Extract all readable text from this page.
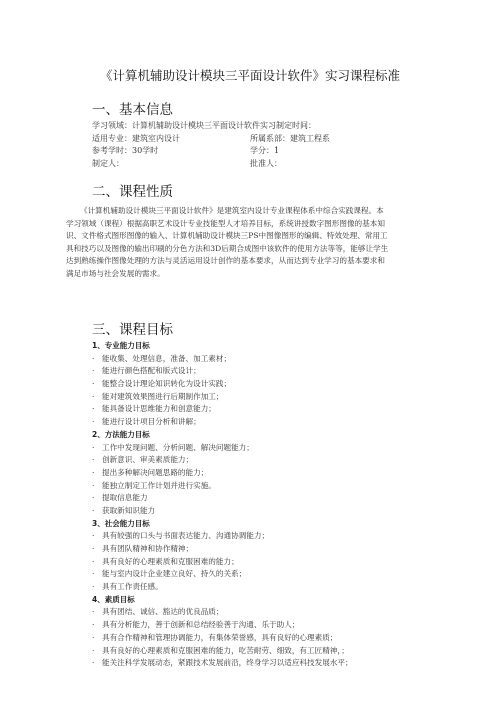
《计算机辅助设计模块三平面设计软件》实习课程标准
一、基本信息
学习领域：计算机辅助设计模块三平面设计软件实习制定时间：
适用专业：建筑室内设计	所属系部：建筑工程系
参考学时：30学时	学分：1
制定人：	批准人：
二、课程性质
《计算机辅助设计模块三平面设计软件》是建筑室内设计专业课程体系中综合实践课程。本
学习领域（课程）根据高职艺术设计专业技能型人才培养目标，系统讲授数字图形图像的基本知
识、文件格式图形图像的输入、计算机辅助设计模块三PS中图像图形的编辑、特效处理、常用工
具和技巧以及图像的输出印刷的分色方法和3D后期合成图中该软件的使用方法等等，能够让学生
达到熟练操作图像处理的方法与灵活运用设计创作的基本要求，从而达到专业学习的基本要求和
满足市场与社会发展的需求。
三、课程目标
1、专业能力目标
· 能收集、处理信息，准备、加工素材；
· 能进行颜色搭配和版式设计；
· 能整合设计理论知识转化为设计实践；
· 能对建筑效果图进行后期制作加工；
· 能具备设计思维能力和创意能力；
· 能进行设计项目分析和讲解；
2、方法能力目标
· 工作中发现问题、分析问题、解决问题能力；
· 创新意识、审美素质能力；
· 提出多种解决问题思路的能力；
· 能独立制定工作计划并进行实施。
· 提取信息能力
· 获取新知识能力
3、社会能力目标
· 具有较强的口头与书面表达能力、沟通协调能力；
· 具有团队精神和协作精神；
· 具有良好的心理素质和克服困难的能力；
· 能与室内设计企业建立良好、持久的关系；
· 具有工作责任感。
4、素质目标
· 具有团结、诚信、豁达的优良品质；
· 具有分析能力，善于创新和总结经验善于沟通、乐于助人；
· 具有合作精神和管理协调能力，有集体荣誉感，具有良好的心理素质；
· 具有良好的心理素质和克服困难的能力，吃苦耐劳、细致，有工匠精神，；
· 能关注科学发展动态，紧跟技术发展前沿，终身学习以适应科技发展水平；
